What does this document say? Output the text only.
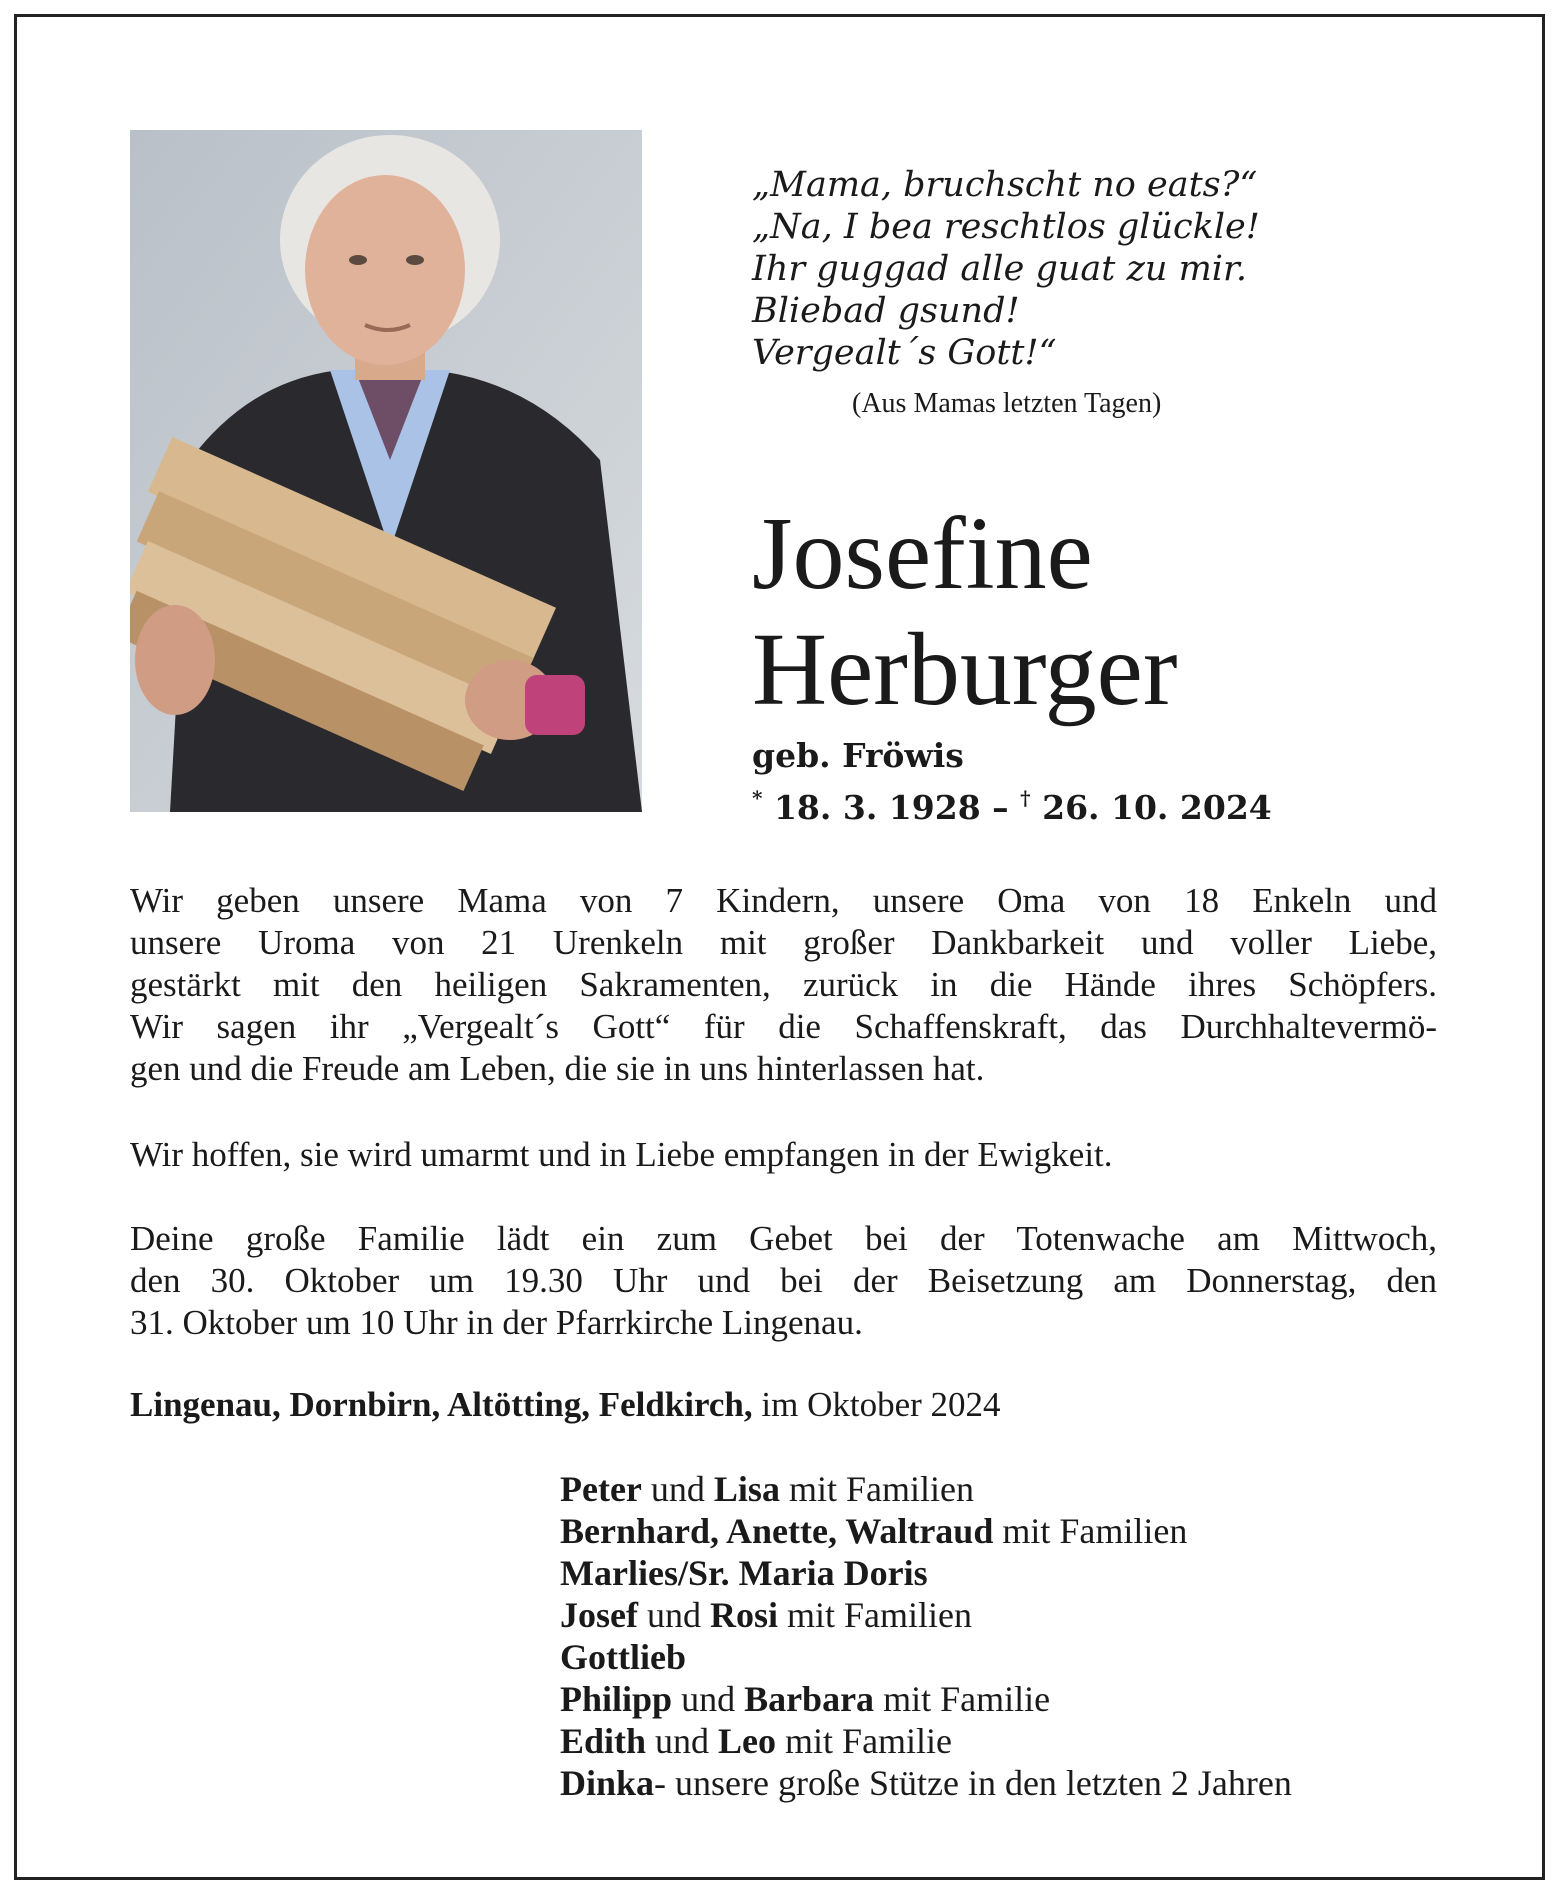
„Mama, bruchscht no eats?“
„Na, I bea reschtlos glückle!
Ihr guggad alle guat zu mir.
Bliebad gsund!
Vergealt´s Gott!“
(Aus Mamas letzten Tagen)
Josefine
Herburger
geb. Fröwis
* 18. 3. 1928 – † 26. 10. 2024
Wir geben unsere Mama von 7 Kindern, unsere Oma von 18 Enkeln und
unsere Uroma von 21 Urenkeln mit großer Dankbarkeit und voller Liebe,
gestärkt mit den heiligen Sakramenten, zurück in die Hände ihres Schöpfers.
Wir sagen ihr „Vergealt´s Gott“ für die Schaffenskraft, das Durchhaltevermö-
gen und die Freude am Leben, die sie in uns hinterlassen hat.
Wir hoffen, sie wird umarmt und in Liebe empfangen in der Ewigkeit.
Deine große Familie lädt ein zum Gebet bei der Totenwache am Mittwoch,
den 30. Oktober um 19.30 Uhr und bei der Beisetzung am Donnerstag, den
31. Oktober um 10 Uhr in der Pfarrkirche Lingenau.
Lingenau, Dornbirn, Altötting, Feldkirch, im Oktober 2024
Peter und Lisa mit Familien
Bernhard, Anette, Waltraud mit Familien
Marlies/Sr. Maria Doris
Josef und Rosi mit Familien
Gottlieb
Philipp und Barbara mit Familie
Edith und Leo mit Familie
Dinka- unsere große Stütze in den letzten 2 Jahren
